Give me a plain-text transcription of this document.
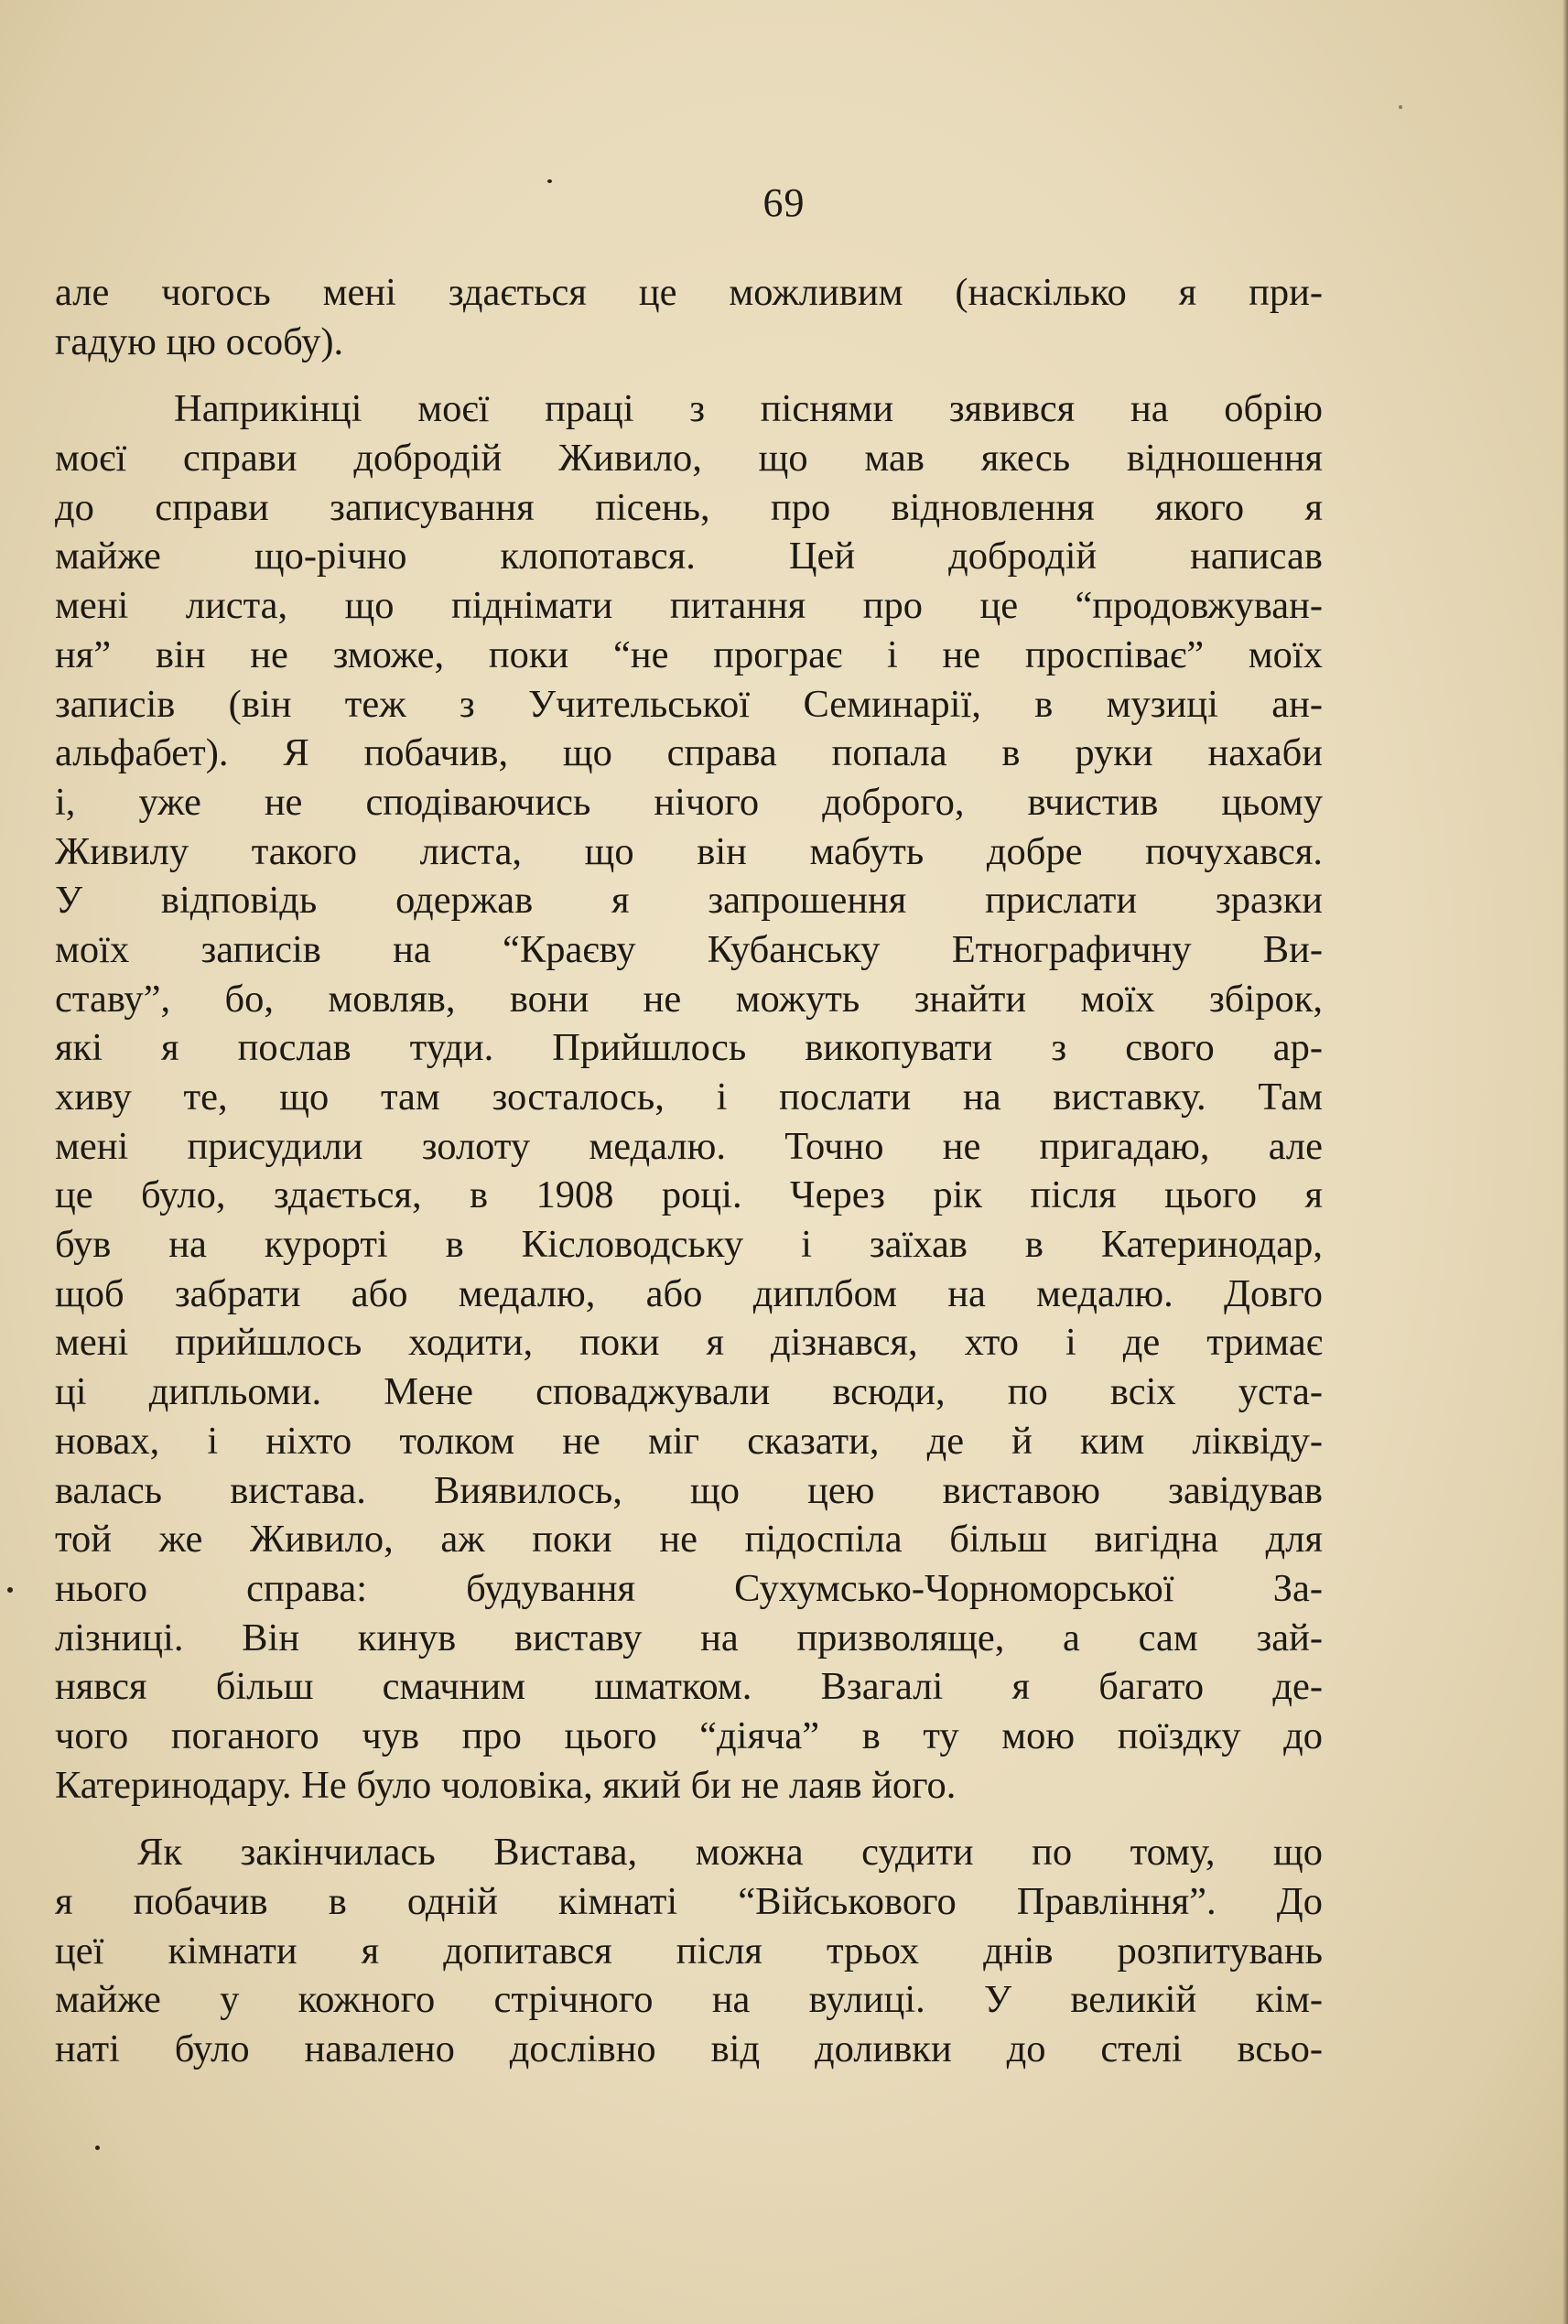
69
але чогось мені здається це можливим (наскілько я при-
гадую цю особу).
Наприкінці моєї праці з піснями зявився на обрію
моєї справи добродій Живило, що мав якесь відношення
до справи записування пісень, про відновлення якого я
майже що-річно клопотався. Цей добродій написав
мені листа, що піднімати питання про це “продовжуван-
ня” він не зможе, поки “не програє і не проспіває” моїх
записів (він теж з Учительської Семинарії, в музиці ан-
альфабет). Я побачив, що справа попала в руки нахаби
і, уже не сподіваючись нічого доброго, вчистив цьому
Живилу такого листа, що він мабуть добре почухався.
У відповідь одержав я запрошення прислати зразки
моїх записів на “Краєву Кубанську Етнографичну Ви-
ставу”, бо, мовляв, вони не можуть знайти моїх збірок,
які я послав туди. Прийшлось викопувати з свого ар-
хиву те, що там зосталось, і послати на виставку. Там
мені присудили золоту медалю. Точно не пригадаю, але
це було, здається, в 1908 році. Через рік після цього я
був на курорті в Кісловодську і заїхав в Катеринодар,
щоб забрати або медалю, або диплбом на медалю. Довго
мені прийшлось ходити, поки я дізнався, хто і де тримає
ці дипльоми. Мене споваджували всюди, по всіх уста-
новах, і ніхто толком не міг сказати, де й ким ліквіду-
валась вистава. Виявилось, що цею виставою завідував
той же Живило, аж поки не підоспіла більш вигідна для
нього справа: будування Сухумсько-Чорноморської За-
лізниці. Він кинув виставу на призволяще, а сам зай-
нявся більш смачним шматком. Взагалі я багато де-
чого поганого чув про цього “діяча” в ту мою поїздку до
Катеринодару. Не було чоловіка, який би не лаяв його.
Як закінчилась Вистава, можна судити по тому, що
я побачив в одній кімнаті “Військового Правління”. До
цеї кімнати я допитався після трьох днів розпитувань
майже у кожного стрічного на вулиці. У великій кім-
наті було навалено дослівно від доливки до стелі всьо-
